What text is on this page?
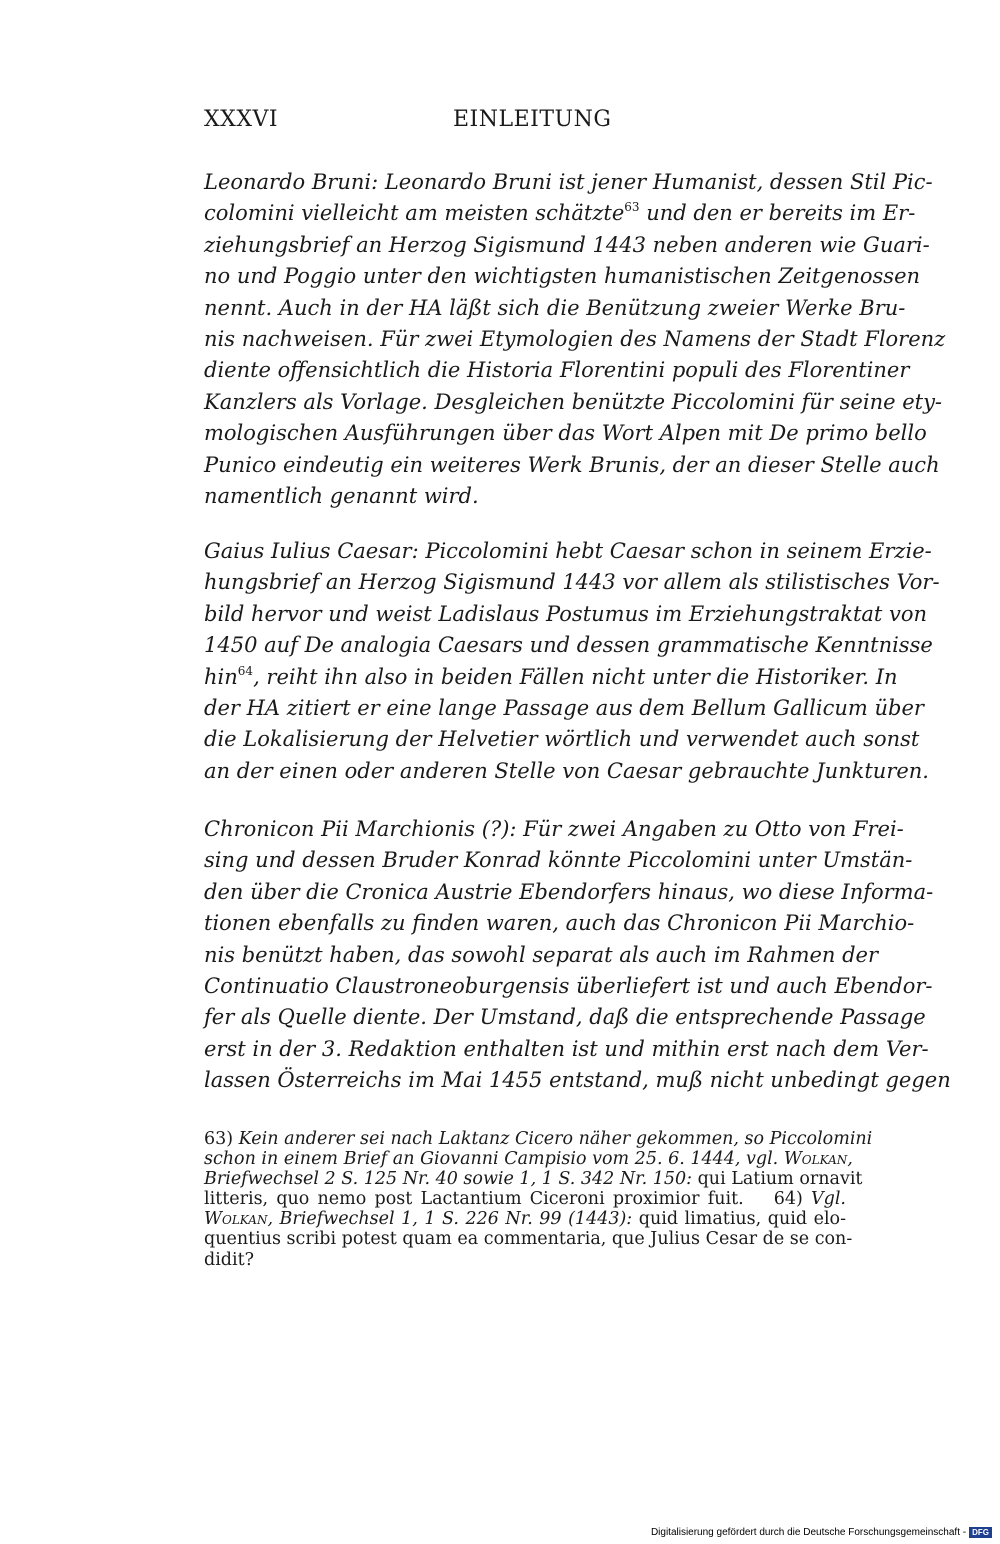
XXXVI	EINLEITUNG
Leonardo Bruni: Leonardo Bruni ist jener Humanist, dessen Stil Pic-
colomini vielleicht am meisten schätzte$^{63}$ und den er bereits im Er-
ziehungsbrief an Herzog Sigismund 1443 neben anderen wie Guari-
no und Poggio unter den wichtigsten humanistischen Zeitgenossen
nennt. Auch in der HA läßt sich die Benützung zweier Werke Bru-
nis nachweisen. Für zwei Etymologien des Namens der Stadt Florenz
diente offensichtlich die Historia Florentini populi des Florentiner
Kanzlers als Vorlage. Desgleichen benützte Piccolomini für seine ety-
mologischen Ausführungen über das Wort Alpen mit De primo bello
Punico eindeutig ein weiteres Werk Brunis, der an dieser Stelle auch
namentlich genannt wird.
Gaius Iulius Caesar: Piccolomini hebt Caesar schon in seinem Erzie-
hungsbrief an Herzog Sigismund 1443 vor allem als stilistisches Vor-
bild hervor und weist Ladislaus Postumus im Erziehungstraktat von
1450 auf De analogia Caesars und dessen grammatische Kenntnisse
hin$^{64}$, reiht ihn also in beiden Fällen nicht unter die Historiker. In
der HA zitiert er eine lange Passage aus dem Bellum Gallicum über
die Lokalisierung der Helvetier wörtlich und verwendet auch sonst
an der einen oder anderen Stelle von Caesar gebrauchte Junkturen.
Chronicon Pii Marchionis (?): Für zwei Angaben zu Otto von Frei-
sing und dessen Bruder Konrad könnte Piccolomini unter Umstän-
den über die Cronica Austrie Ebendorfers hinaus, wo diese Informa-
tionen ebenfalls zu finden waren, auch das Chronicon Pii Marchio-
nis benützt haben, das sowohl separat als auch im Rahmen der
Continuatio Claustroneoburgensis überliefert ist und auch Ebendor-
fer als Quelle diente. Der Umstand, daß die entsprechende Passage
erst in der 3. Redaktion enthalten ist und mithin erst nach dem Ver-
lassen Österreichs im Mai 1455 entstand, muß nicht unbedingt gegen
63) Kein anderer sei nach Laktanz Cicero näher gekommen, so Piccolomini
schon in einem Brief an Giovanni Campisio vom 25. 6. 1444, vgl. Wolkan,
Briefwechsel 2 S. 125 Nr. 40 sowie 1, 1 S. 342 Nr. 150: qui Latium ornavit
litteris, quo nemo post Lactantium Ciceroni proximior fuit. 64) Vgl.
Wolkan, Briefwechsel 1, 1 S. 226 Nr. 99 (1443): quid limatius, quid elo-
quentius scribi potest quam ea commentaria, que Julius Cesar de se con-
didit?
Digitalisierung gefördert durch die Deutsche Forschungsgemeinschaft - DFG
